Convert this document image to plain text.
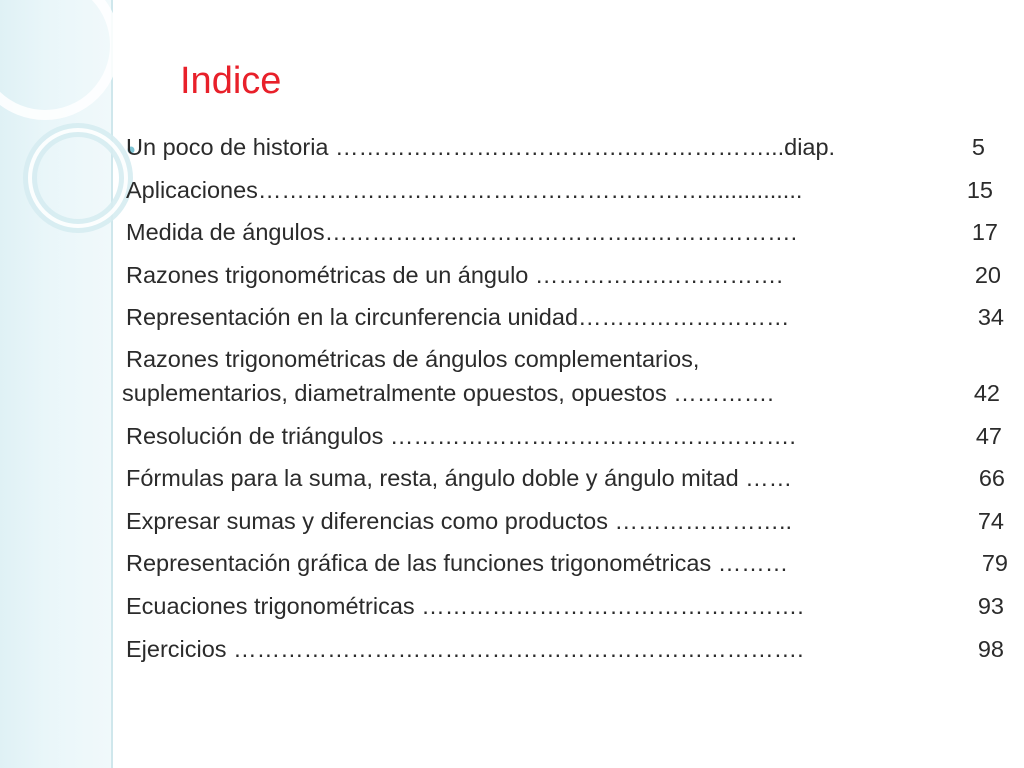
Indice
Un poco de historia ……………………………….………………...diap.	5
Aplicaciones…………………………………………………...............	15
Medida de ángulos…………………………………...……………….	17
Razones trigonométricas de un ángulo …………….…………….	20
Representación en la circunferencia unidad………………………	34
Razones trigonométricas de ángulos complementarios,
suplementarios, diametralmente opuestos, opuestos ………….	42
Resolución de triángulos …………………………………………….	47
Fórmulas para la suma, resta, ángulo doble y ángulo mitad ……	66
Expresar sumas y diferencias como productos …………………..	74
Representación gráfica de las funciones trigonométricas ………	79
Ecuaciones trigonométricas ………………………………………….	93
Ejercicios ……………………………………………………………….	98
